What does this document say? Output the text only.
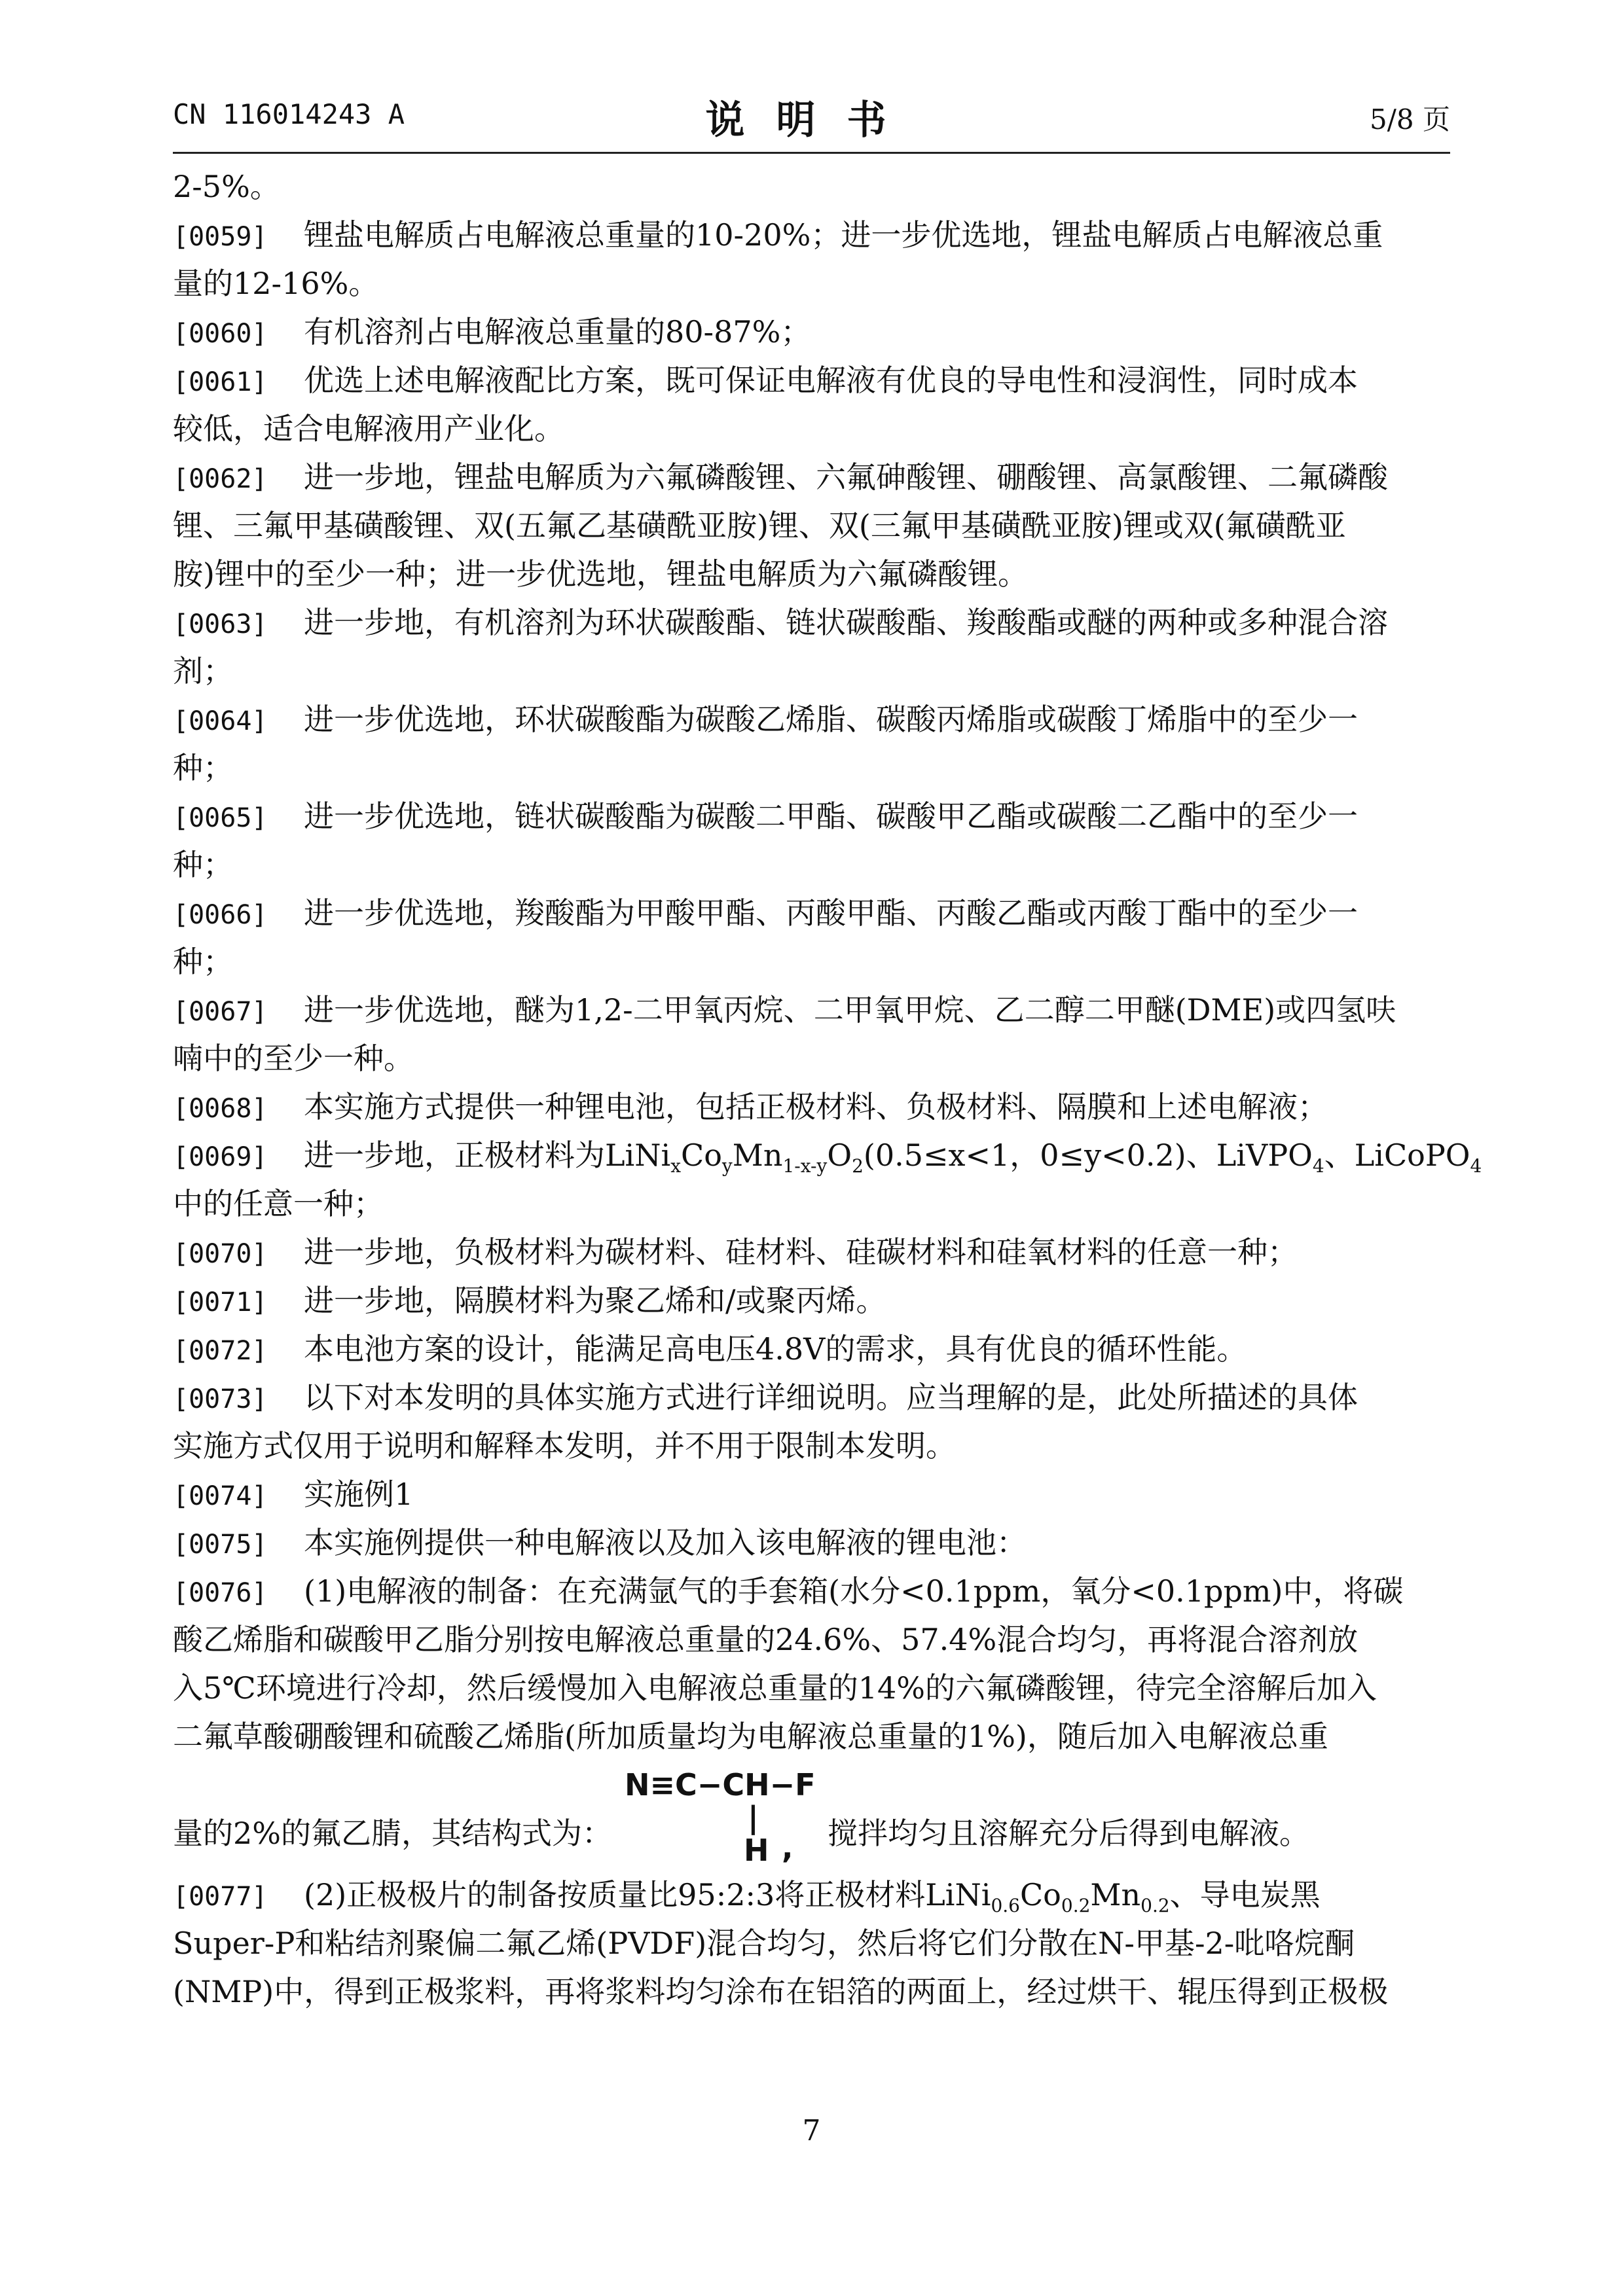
CN 116014243 A	说明书	5/8 页
2-5%。
[0059] 锂盐电解质占电解液总重量的10-20%；进一步优选地，锂盐电解质占电解液总重
量的12-16%。
[0060] 有机溶剂占电解液总重量的80-87%；
[0061] 优选上述电解液配比方案，既可保证电解液有优良的导电性和浸润性，同时成本
较低，适合电解液用产业化。
[0062] 进一步地，锂盐电解质为六氟磷酸锂、六氟砷酸锂、硼酸锂、高氯酸锂、二氟磷酸
锂、三氟甲基磺酸锂、双(五氟乙基磺酰亚胺)锂、双(三氟甲基磺酰亚胺)锂或双(氟磺酰亚
胺)锂中的至少一种；进一步优选地，锂盐电解质为六氟磷酸锂。
[0063] 进一步地，有机溶剂为环状碳酸酯、链状碳酸酯、羧酸酯或醚的两种或多种混合溶
剂；
[0064] 进一步优选地，环状碳酸酯为碳酸乙烯脂、碳酸丙烯脂或碳酸丁烯脂中的至少一
种；
[0065] 进一步优选地，链状碳酸酯为碳酸二甲酯、碳酸甲乙酯或碳酸二乙酯中的至少一
种；
[0066] 进一步优选地，羧酸酯为甲酸甲酯、丙酸甲酯、丙酸乙酯或丙酸丁酯中的至少一
种；
[0067] 进一步优选地，醚为1,2-二甲氧丙烷、二甲氧甲烷、乙二醇二甲醚(DME)或四氢呋
喃中的至少一种。
[0068] 本实施方式提供一种锂电池，包括正极材料、负极材料、隔膜和上述电解液；
[0069] 进一步地，正极材料为$LiNi_xCo_yMn_{1-x-y}O_2(0.5\le x<1$，0≤y<0.2)、LiVPO$_4$、LiCoPO$_4$
中的任意一种；
[0070] 进一步地，负极材料为碳材料、硅材料、硅碳材料和硅氧材料的任意一种；
[0071] 进一步地，隔膜材料为聚乙烯和/或聚丙烯。
[0072] 本电池方案的设计，能满足高电压4.8V的需求，具有优良的循环性能。
[0073] 以下对本发明的具体实施方式进行详细说明。应当理解的是，此处所描述的具体
实施方式仅用于说明和解释本发明，并不用于限制本发明。
[0074] 实施例1
[0075] 本实施例提供一种电解液以及加入该电解液的锂电池：
[0076] (1)电解液的制备：在充满氩气的手套箱(水分<0.1ppm，氧分<0.1ppm)中，将碳
酸乙烯脂和碳酸甲乙脂分别按电解液总重量的24.6%、57.4%混合均匀，再将混合溶剂放
入5℃环境进行冷却，然后缓慢加入电解液总重量的14%的六氟磷酸锂，待完全溶解后加入
二氟草酸硼酸锂和硫酸乙烯脂(所加质量均为电解液总重量的1%)，随后加入电解液总重
量的2%的氟乙腈，其结构式为：
N≡C−CH−F
|
H , 搅拌均匀且溶解充分后得到电解液。
[0077] (2)正极极片的制备按质量比95:2:3将正极材料$LiNi_{0.6}Co_{0.2}Mn_{0.2}$、导电炭黑
Super-P和粘结剂聚偏二氟乙烯(PVDF)混合均匀，然后将它们分散在N-甲基-2-吡咯烷酮
(NMP)中，得到正极浆料，再将浆料均匀涂布在铝箔的两面上，经过烘干、辊压得到正极极
7
